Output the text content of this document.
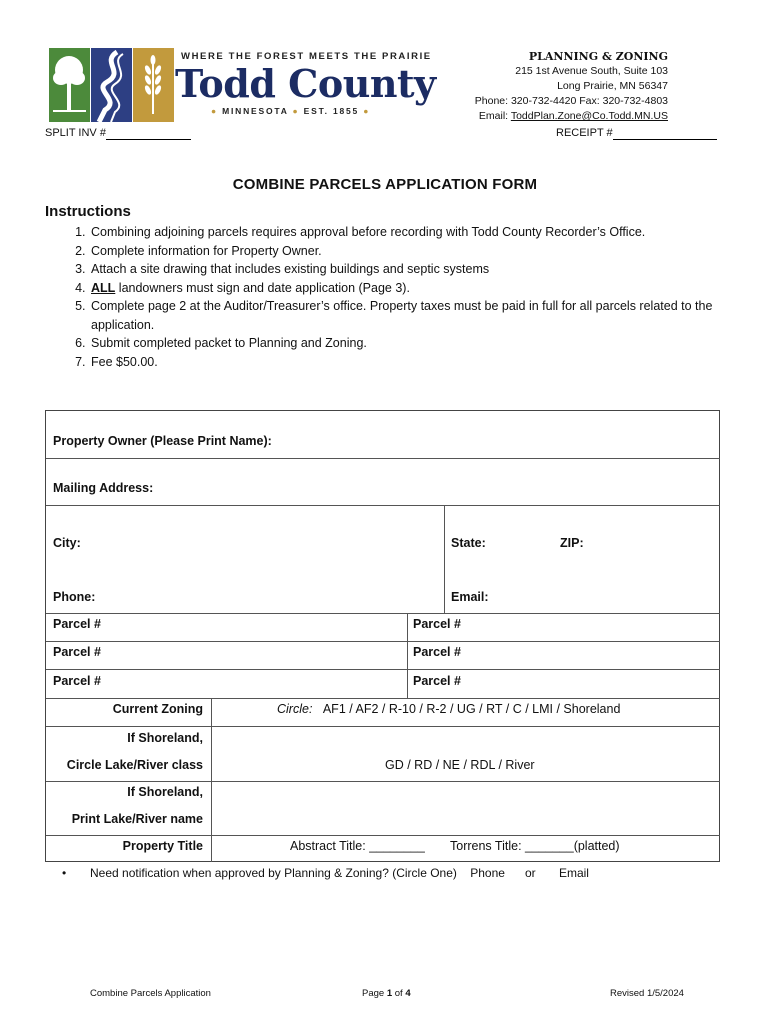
WHERE THE FOREST MEETS THE PRAIRIE
Todd County
● MINNESOTA ● EST. 1855 ●
PLANNING & ZONING
215 1st Avenue South, Suite 103
Long Prairie, MN 56347
Phone: 320-732-4420 Fax: 320-732-4803
Email: ToddPlan.Zone@Co.Todd.MN.US
SPLIT INV #	RECEIPT #
COMBINE PARCELS APPLICATION FORM
Instructions
1. Combining adjoining parcels requires approval before recording with Todd County Recorder’s Office.
2. Complete information for Property Owner.
3. Attach a site drawing that includes existing buildings and septic systems
4. ALL landowners must sign and date application (Page 3).
5. Complete page 2 at the Auditor/Treasurer’s office. Property taxes must be paid in full for all parcels related to the application.
6. Submit completed packet to Planning and Zoning.
7. Fee $50.00.
Property Owner (Please Print Name):
Mailing Address:
City:	State:	ZIP:
Phone:	Email:
Parcel #	Parcel #
Parcel #	Parcel #
Parcel #	Parcel #
Current Zoning	Circle: AF1 / AF2 / R-10 / R-2 / UG / RT / C / LMI / Shoreland
If Shoreland,
Circle Lake/River class	GD / RD / NE / RDL / River
If Shoreland,
Print Lake/River name
Property Title	Abstract Title: ________ Torrens Title: _______(platted)
• Need notification when approved by Planning & Zoning? (Circle One) Phone or Email
Combine Parcels Application	Page 1 of 4	Revised 1/5/2024
